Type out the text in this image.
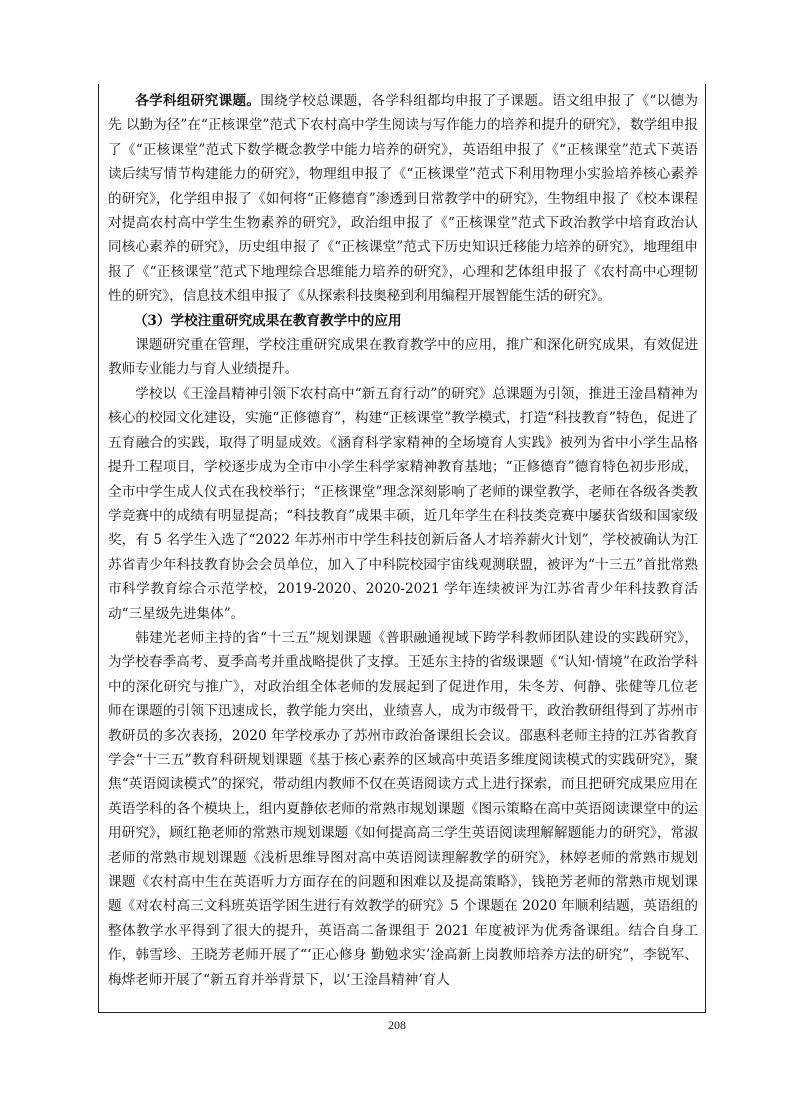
各学科组研究课题。围绕学校总课题，各学科组都均申报了子课题。语文组申报了《“以德为先 以勤为径”在“正核课堂”范式下农村高中学生阅读与写作能力的培养和提升的研究》，数学组申报了《“正核课堂”范式下数学概念教学中能力培养的研究》，英语组申报了《“正核课堂”范式下英语读后续写情节构建能力的研究》，物理组申报了《“正核课堂”范式下利用物理小实验培养核心素养的研究》，化学组申报了《如何将“正修德育”渗透到日常教学中的研究》，生物组申报了《校本课程对提高农村高中学生生物素养的研究》，政治组申报了《“正核课堂”范式下政治教学中培育政治认同核心素养的研究》，历史组申报了《“正核课堂”范式下历史知识迁移能力培养的研究》，地理组申报了《“正核课堂”范式下地理综合思维能力培养的研究》，心理和艺体组申报了《农村高中心理韧性的研究》，信息技术组申报了《从探索科技奥秘到利用编程开展智能生活的研究》。

（3）学校注重研究成果在教育教学中的应用

课题研究重在管理，学校注重研究成果在教育教学中的应用，推广和深化研究成果，有效促进教师专业能力与育人业绩提升。

学校以《王淦昌精神引领下农村高中“新五育行动”的研究》总课题为引领，推进王淦昌精神为核心的校园文化建设，实施“正修德育”，构建“正核课堂”教学模式，打造“科技教育”特色，促进了五育融合的实践，取得了明显成效。《涵育科学家精神的全场境育人实践》被列为省中小学生品格提升工程项目，学校逐步成为全市中小学生科学家精神教育基地；“正修德育”德育特色初步形成，全市中学生成人仪式在我校举行；“正核课堂”理念深刻影响了老师的课堂教学，老师在各级各类教学竞赛中的成绩有明显提高；“科技教育”成果丰硕，近几年学生在科技类竞赛中屡获省级和国家级奖，有 5 名学生入选了“2022 年苏州市中学生科技创新后备人才培养薪火计划”，学校被确认为江苏省青少年科技教育协会会员单位，加入了中科院校园宇宙线观测联盟，被评为“十三五”首批常熟市科学教育综合示范学校，2019-2020、2020-2021 学年连续被评为江苏省青少年科技教育活动“三星级先进集体”。

韩建光老师主持的省“十三五”规划课题《普职融通视域下跨学科教师团队建设的实践研究》，为学校春季高考、夏季高考并重战略提供了支撑。王延东主持的省级课题《“认知·情境”在政治学科中的深化研究与推广》，对政治组全体老师的发展起到了促进作用，朱冬芳、何静、张健等几位老师在课题的引领下迅速成长，教学能力突出，业绩喜人，成为市级骨干，政治教研组得到了苏州市教研员的多次表扬，2020 年学校承办了苏州市政治备课组长会议。邵惠科老师主持的江苏省教育学会“十三五”教育科研规划课题《基于核心素养的区域高中英语多维度阅读模式的实践研究》，聚焦“英语阅读模式”的探究，带动组内教师不仅在英语阅读方式上进行探索，而且把研究成果应用在英语学科的各个模块上，组内夏静依老师的常熟市规划课题《图示策略在高中英语阅读课堂中的运用研究》，顾红艳老师的常熟市规划课题《如何提高高三学生英语阅读理解解题能力的研究》，常淑老师的常熟市规划课题《浅析思维导图对高中英语阅读理解教学的研究》，林婷老师的常熟市规划课题《农村高中生在英语听力方面存在的问题和困难以及提高策略》，钱艳芳老师的常熟市规划课题《对农村高三文科班英语学困生进行有效教学的研究》5 个课题在 2020 年顺利结题，英语组的整体教学水平得到了很大的提升，英语高二备课组于 2021 年度被评为优秀备课组。结合自身工作，韩雪珍、王晓芳老师开展了“‘正心修身 勤勉求实’淦高新上岗教师培养方法的研究”，李锐军、梅烨老师开展了“新五育并举背景下，以‘王淦昌精神’育人

208
